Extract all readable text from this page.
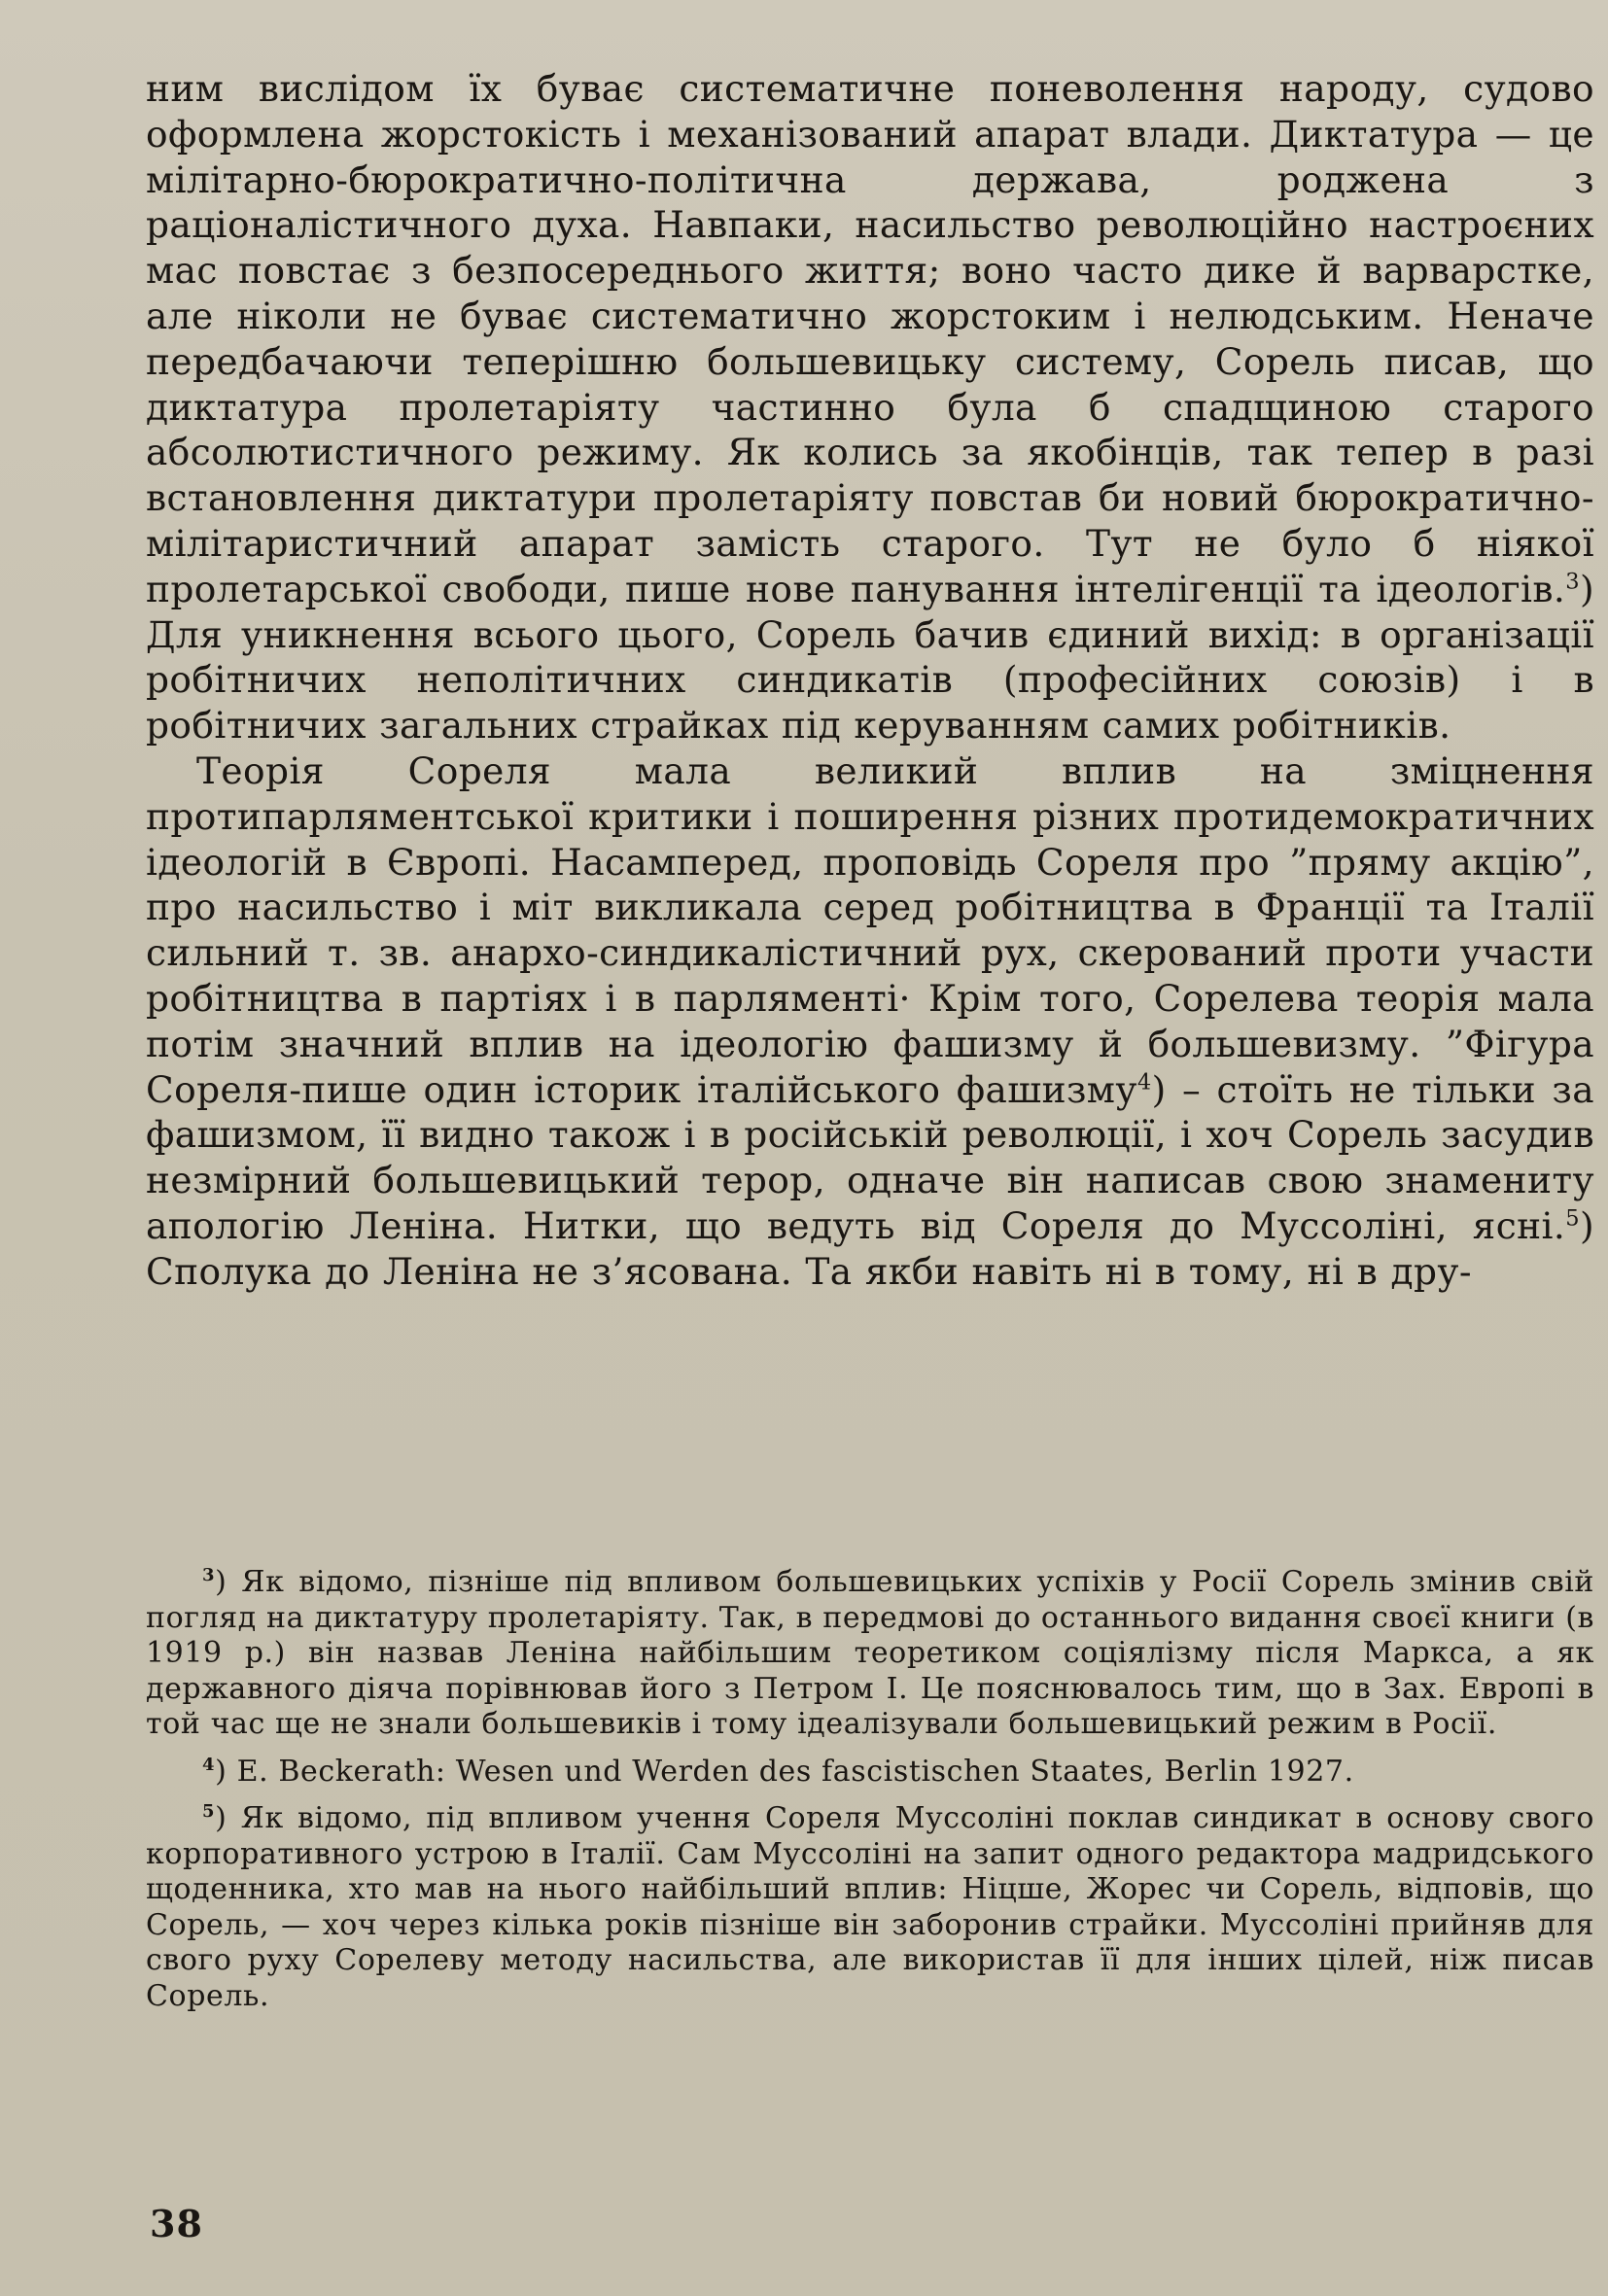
ним вислідом їх буває систематичне поневолення народу, судово оформлена жорстокість і механізований апарат влади. Диктатура — це мілітарно-бюрократично-політична держава, роджена з раціоналістичного духа. Навпаки, насильство революційно настроєних мас повстає з безпосереднього життя; воно часто дике й варварстке, але ніколи не буває систематично жорстоким і нелюдським. Неначе передбачаючи теперішню большевицьку систему, Сорель писав, що диктатура пролетаріяту частинно була б спадщиною старого абсолютистичного режиму. Як колись за якобінців, так тепер в разі встановлення диктатури пролетаріяту повстав би новий бюрократично-мілітаристичний апарат замість старого. Тут не було б ніякої пролетарської свободи, пише нове панування інтелігенції та ідеологів.$^3$) Для уникнення всього цього, Сорель бачив єдиний вихід: в організації робітничих неполітичних синдикатів (професійних союзів) і в робітничих загальних страйках під керуванням самих робітників.

Теорія Сореля мала великий вплив на зміцнення протипарляментської критики і поширення різних протидемократичних ідеологій в Європі. Насамперед, проповідь Сореля про ”пряму акцію”, про насильство і міт викликала серед робітництва в Франції та Італії сильний т. зв. анархо-синдикалістичний рух, скерований проти участи робітництва в партіях і в парляменті· Крім того, Сорелева теорія мала потім значний вплив на ідеологію фашизму й большевизму. ”Фігура Сореля-пише один історик італійського фашизму$^4$) – стоїть не тільки за фашизмом, її видно також і в російській революції, і хоч Сорель засудив незмірний большевицький терор, одначе він написав свою знамениту апологію Леніна. Нитки, що ведуть від Сореля до Муссоліні, ясні.$^5$) Сполука до Леніна не з’ясована. Та якби навіть ні в тому, ні в дру-

$^3$) Як відомо, пізніше під впливом большевицьких успіхів у Росії Сорель змінив свій погляд на диктатуру пролетаріяту. Так, в передмові до останнього видання своєї книги (в 1919 р.) він назвав Леніна найбільшим теоретиком соціялізму після Маркса, а як державного діяча порівнював його з Петром І. Це пояснювалось тим, що в Зах. Европі в той час ще не знали большевиків і тому ідеалізували большевицький режим в Росії.

$^4$) E. Beckerath: Wesen und Werden des fascistischen Staates, Berlin 1927.

$^5$) Як відомо, під впливом учення Сореля Муссоліні поклав синдикат в основу свого корпоративного устрою в Італії. Сам Муссоліні на запит одного редактора мадридського щоденника, хто мав на нього найбільший вплив: Ніцше, Жорес чи Сорель, відповів, що Сорель, — хоч через кілька років пізніше він заборонив страйки. Муссоліні прийняв для свого руху Сорелеву методу насильства, але використав її для інших цілей, ніж писав Сорель.

38
